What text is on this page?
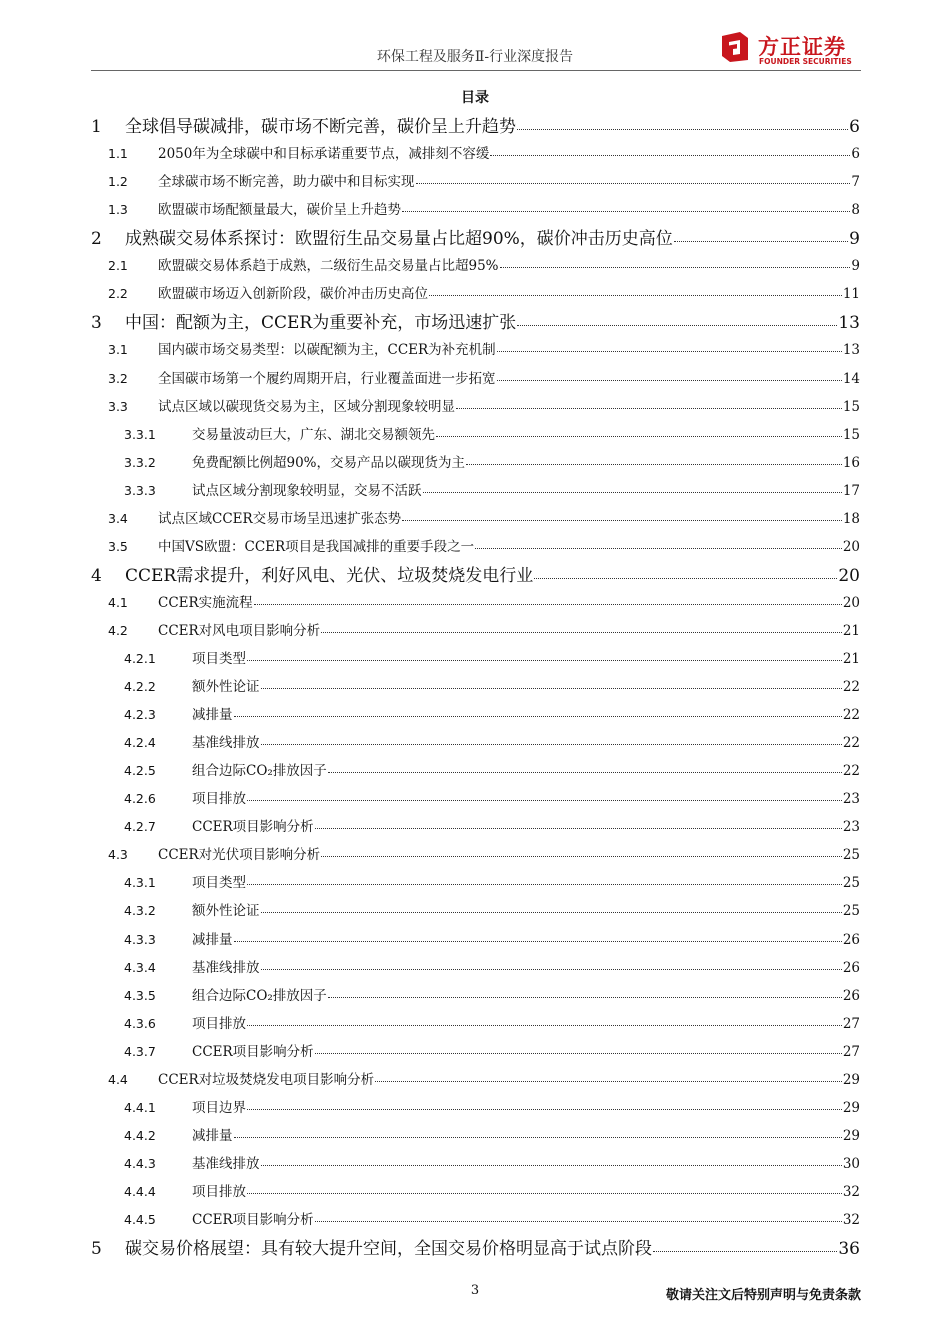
环保工程及服务Ⅱ-行业深度报告	方正证券
FOUNDER SECURITIES
目录
1	全球倡导碳减排，碳市场不断完善，碳价呈上升趋势	6
1.1	2050年为全球碳中和目标承诺重要节点，减排刻不容缓	6
1.2	全球碳市场不断完善，助力碳中和目标实现	7
1.3	欧盟碳市场配额量最大，碳价呈上升趋势	8
2	成熟碳交易体系探讨：欧盟衍生品交易量占比超90%，碳价冲击历史高位	9
2.1	欧盟碳交易体系趋于成熟，二级衍生品交易量占比超95%	9
2.2	欧盟碳市场迈入创新阶段，碳价冲击历史高位	11
3	中国：配额为主，CCER为重要补充，市场迅速扩张	13
3.1	国内碳市场交易类型：以碳配额为主，CCER为补充机制	13
3.2	全国碳市场第一个履约周期开启，行业覆盖面进一步拓宽	14
3.3	试点区域以碳现货交易为主，区域分割现象较明显	15
3.3.1	交易量波动巨大，广东、湖北交易额领先	15
3.3.2	免费配额比例超90%，交易产品以碳现货为主	16
3.3.3	试点区域分割现象较明显，交易不活跃	17
3.4	试点区域CCER交易市场呈迅速扩张态势	18
3.5	中国VS欧盟：CCER项目是我国减排的重要手段之一	20
4	CCER需求提升，利好风电、光伏、垃圾焚烧发电行业	20
4.1	CCER实施流程	20
4.2	CCER对风电项目影响分析	21
4.2.1	项目类型	21
4.2.2	额外性论证	22
4.2.3	减排量	22
4.2.4	基准线排放	22
4.2.5	组合边际CO₂排放因子	22
4.2.6	项目排放	23
4.2.7	CCER项目影响分析	23
4.3	CCER对光伏项目影响分析	25
4.3.1	项目类型	25
4.3.2	额外性论证	25
4.3.3	减排量	26
4.3.4	基准线排放	26
4.3.5	组合边际CO₂排放因子	26
4.3.6	项目排放	27
4.3.7	CCER项目影响分析	27
4.4	CCER对垃圾焚烧发电项目影响分析	29
4.4.1	项目边界	29
4.4.2	减排量	29
4.4.3	基准线排放	30
4.4.4	项目排放	32
4.4.5	CCER项目影响分析	32
5	碳交易价格展望：具有较大提升空间，全国交易价格明显高于试点阶段	36
3	敬请关注文后特别声明与免责条款
